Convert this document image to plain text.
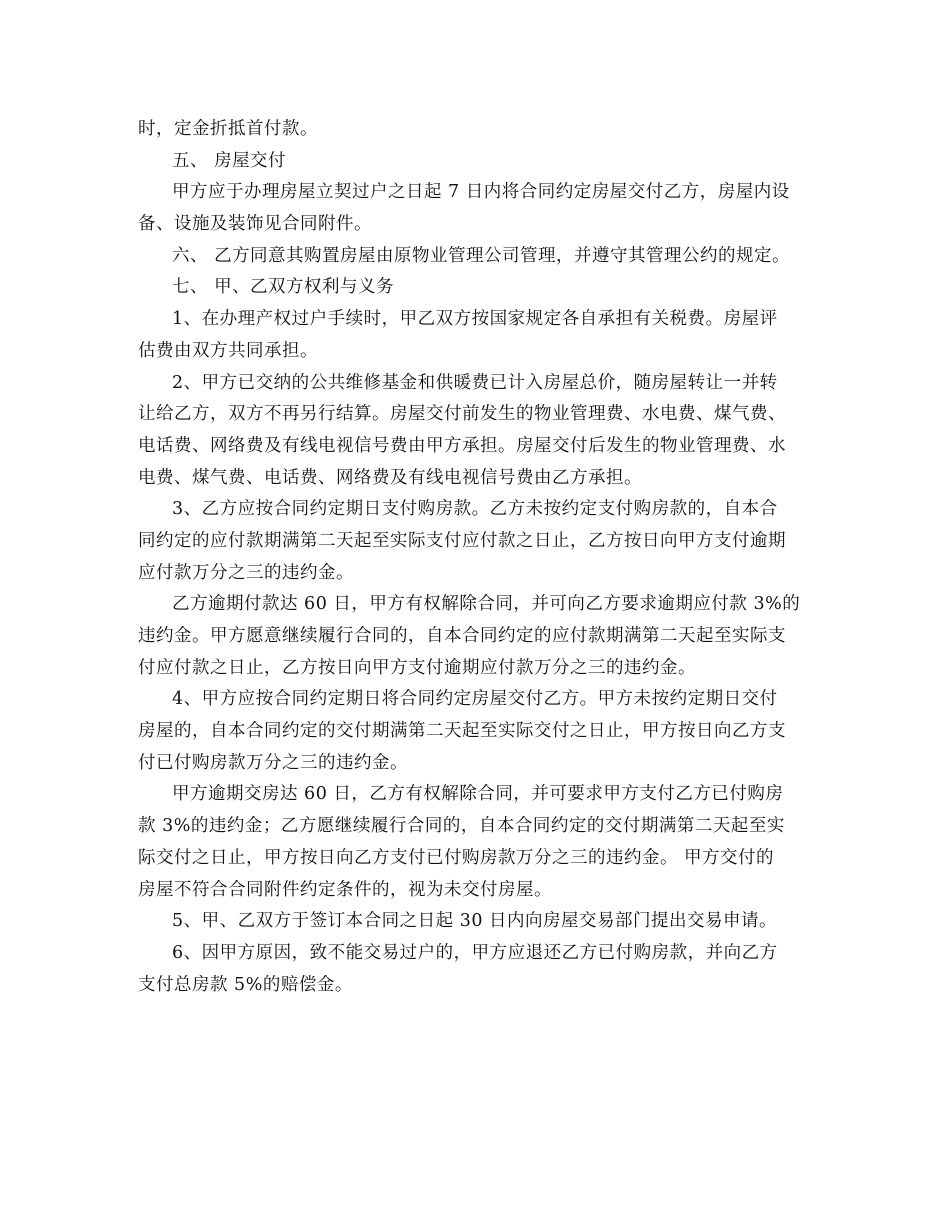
时，定金折抵首付款。
五、 房屋交付
甲方应于办理房屋立契过户之日起 7 日内将合同约定房屋交付乙方，房屋内设
备、设施及装饰见合同附件。
六、 乙方同意其购置房屋由原物业管理公司管理，并遵守其管理公约的规定。
七、 甲、乙双方权利与义务
1、在办理产权过户手续时，甲乙双方按国家规定各自承担有关税费。房屋评
估费由双方共同承担。
2、甲方已交纳的公共维修基金和供暖费已计入房屋总价，随房屋转让一并转
让给乙方，双方不再另行结算。房屋交付前发生的物业管理费、水电费、煤气费、
电话费、网络费及有线电视信号费由甲方承担。房屋交付后发生的物业管理费、水
电费、煤气费、电话费、网络费及有线电视信号费由乙方承担。
3、乙方应按合同约定期日支付购房款。乙方未按约定支付购房款的，自本合
同约定的应付款期满第二天起至实际支付应付款之日止，乙方按日向甲方支付逾期
应付款万分之三的违约金。
乙方逾期付款达 60 日，甲方有权解除合同，并可向乙方要求逾期应付款 3%的
违约金。甲方愿意继续履行合同的，自本合同约定的应付款期满第二天起至实际支
付应付款之日止，乙方按日向甲方支付逾期应付款万分之三的违约金。
4、甲方应按合同约定期日将合同约定房屋交付乙方。甲方未按约定期日交付
房屋的，自本合同约定的交付期满第二天起至实际交付之日止，甲方按日向乙方支
付已付购房款万分之三的违约金。
甲方逾期交房达 60 日，乙方有权解除合同，并可要求甲方支付乙方已付购房
款 3%的违约金；乙方愿继续履行合同的，自本合同约定的交付期满第二天起至实
际交付之日止，甲方按日向乙方支付已付购房款万分之三的违约金。 甲方交付的
房屋不符合合同附件约定条件的，视为未交付房屋。
5、甲、乙双方于签订本合同之日起 30 日内向房屋交易部门提出交易申请。
6、因甲方原因，致不能交易过户的，甲方应退还乙方已付购房款，并向乙方
支付总房款 5%的赔偿金。
